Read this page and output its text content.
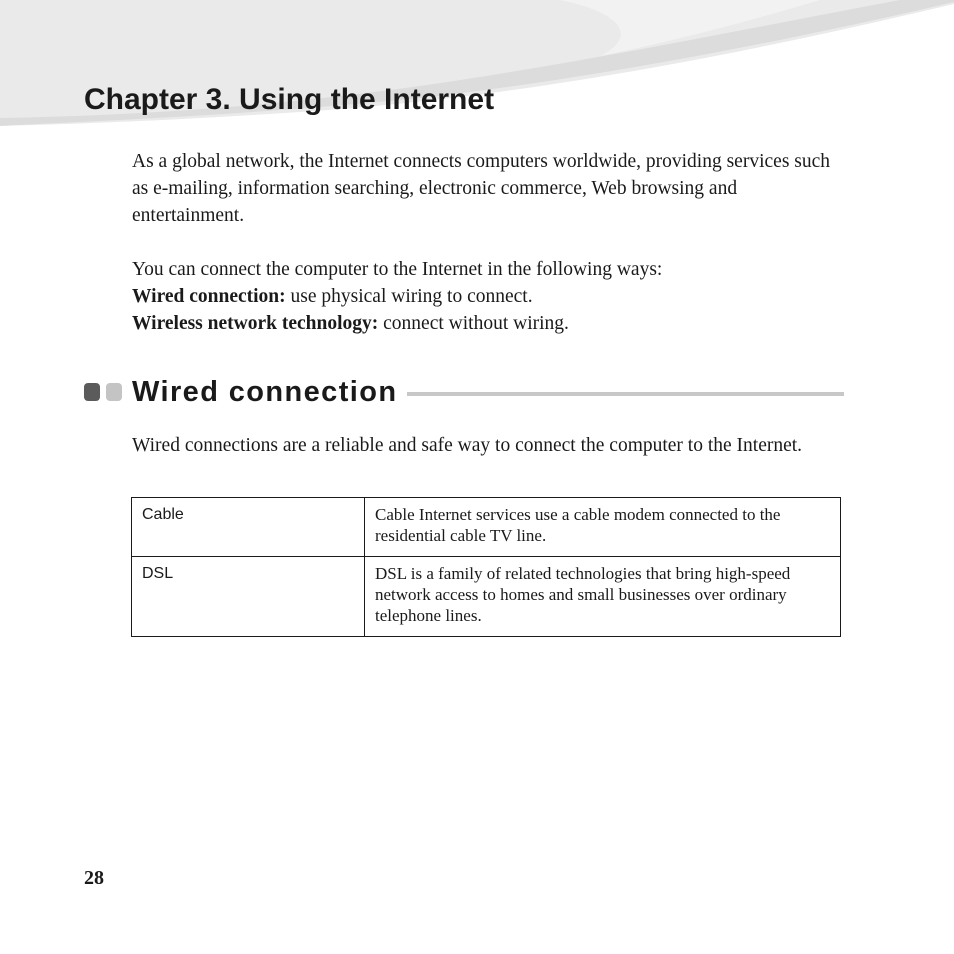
Chapter 3. Using the Internet

As a global network, the Internet connects computers worldwide, providing services such as e-mailing, information searching, electronic commerce, Web browsing and entertainment.

You can connect the computer to the Internet in the following ways:

Wired connection: use physical wiring to connect.

Wireless network technology: connect without wiring.

Wired connection

Wired connections are a reliable and safe way to connect the computer to the Internet.

Cable	Cable Internet services use a cable modem connected to the residential cable TV line.
DSL	DSL is a family of related technologies that bring high-speed network access to homes and small businesses over ordinary telephone lines.
28
